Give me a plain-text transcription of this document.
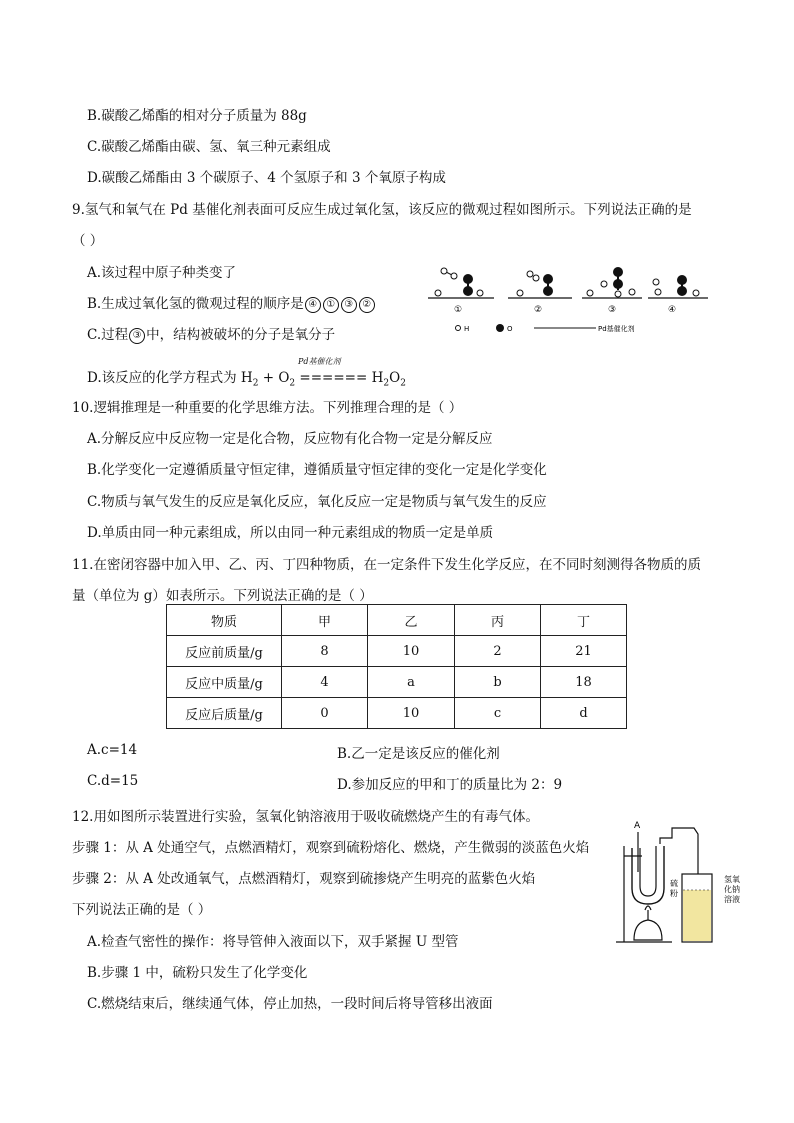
B.碳酸乙烯酯的相对分子质量为 88g
C.碳酸乙烯酯由碳、氢、氧三种元素组成
D.碳酸乙烯酯由 3 个碳原子、4 个氢原子和 3 个氧原子构成
9.氢气和氧气在 Pd 基催化剂表面可反应生成过氧化氢，该反应的微观过程如图所示。下列说法正确的是
（ ）
A.该过程中原子种类变了
B.生成过氧化氢的微观过程的顺序是 ④ ① ③ ②
C.过程 ③ 中，结构被破坏的分子是氧分子
Pd基催化剂
D.该反应的化学方程式为 $H_2 + O_2$ ====== $H_2O_2$
①	②	③	④
H	O	Pd基催化剂
10.逻辑推理是一种重要的化学思维方法。下列推理合理的是（ ）
A.分解反应中反应物一定是化合物，反应物有化合物一定是分解反应
B.化学变化一定遵循质量守恒定律，遵循质量守恒定律的变化一定是化学变化
C.物质与氧气发生的反应是氧化反应，氧化反应一定是物质与氧气发生的反应
D.单质由同一种元素组成，所以由同一种元素组成的物质一定是单质
11.在密闭容器中加入甲、乙、丙、丁四种物质，在一定条件下发生化学反应，在不同时刻测得各物质的质
量（单位为 g）如表所示。下列说法正确的是（ ）
物质	甲	乙	丙	丁
反应前质量/g	8	10	2	21
反应中质量/g	4	a	b	18
反应后质量/g	0	10	c	d
A.c=14	B.乙一定是该反应的催化剂
C.d=15	D.参加反应的甲和丁的质量比为 2：9
12.用如图所示装置进行实验，氢氧化钠溶液用于吸收硫燃烧产生的有毒气体。
步骤 1：从 A 处通空气，点燃酒精灯，观察到硫粉熔化、燃烧，产生微弱的淡蓝色火焰
步骤 2：从 A 处改通氧气，点燃酒精灯，观察到硫掺烧产生明亮的蓝紫色火焰
下列说法正确的是（ ）
A.检查气密性的操作：将导管伸入液面以下，双手紧握 U 型管
B.步骤 1 中，硫粉只发生了化学变化
C.燃烧结束后，继续通气体，停止加热，一段时间后将导管移出液面
A
硫
粉
氢氧
化钠
溶液
